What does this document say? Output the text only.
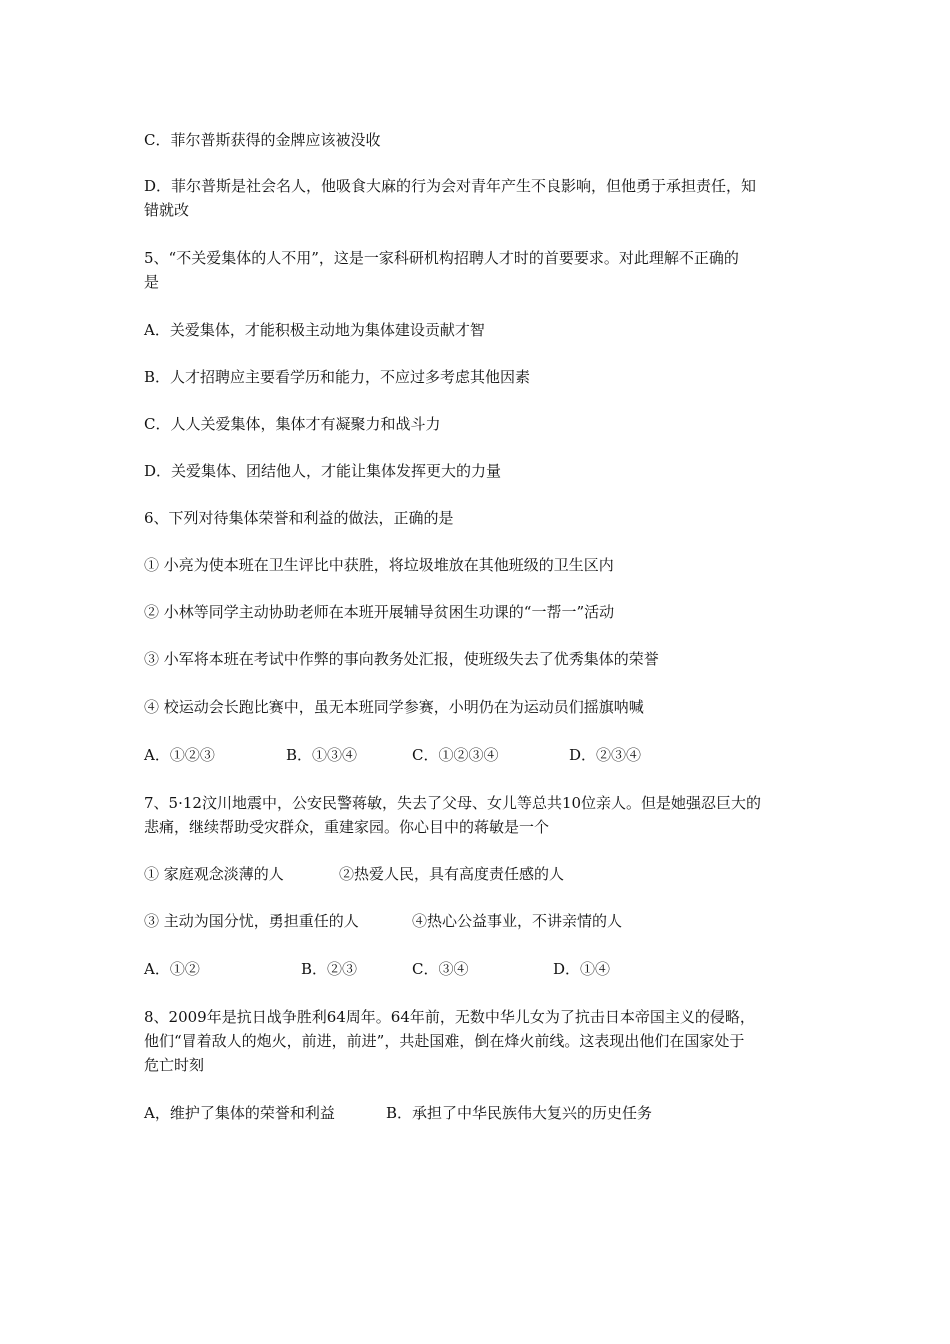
C．菲尔普斯获得的金牌应该被没收

D．菲尔普斯是社会名人，他吸食大麻的行为会对青年产生不良影响，但他勇于承担责任，知

错就改

5、“不关爱集体的人不用”，这是一家科研机构招聘人才时的首要要求。对此理解不正确的

是

A．关爱集体，才能积极主动地为集体建设贡献才智

B．人才招聘应主要看学历和能力，不应过多考虑其他因素

C．人人关爱集体，集体才有凝聚力和战斗力

D．关爱集体、团结他人，才能让集体发挥更大的力量

6、下列对待集体荣誉和利益的做法，正确的是

① 小亮为使本班在卫生评比中获胜，将垃圾堆放在其他班级的卫生区内

② 小林等同学主动协助老师在本班开展辅导贫困生功课的“一帮一”活动

③ 小军将本班在考试中作弊的事向教务处汇报，使班级失去了优秀集体的荣誉

④ 校运动会长跑比赛中，虽无本班同学参赛，小明仍在为运动员们摇旗呐喊

A．①②③	B．①③④	C．①②③④	D．②③④

7、5·12汶川地震中，公安民警蒋敏，失去了父母、女儿等总共10位亲人。但是她强忍巨大的

悲痛，继续帮助受灾群众，重建家园。你心目中的蒋敏是一个

① 家庭观念淡薄的人	②热爱人民，具有高度责任感的人
③ 主动为国分忧，勇担重任的人	④热心公益事业，不讲亲情的人
A．①②	B．②③	C．③④	D．①④

8、2009年是抗日战争胜利64周年。64年前，无数中华儿女为了抗击日本帝国主义的侵略，

他们“冒着敌人的炮火，前进，前进”，共赴国难，倒在烽火前线。这表现出他们在国家处于

危亡时刻

A，维护了集体的荣誉和利益	B．承担了中华民族伟大复兴的历史任务
